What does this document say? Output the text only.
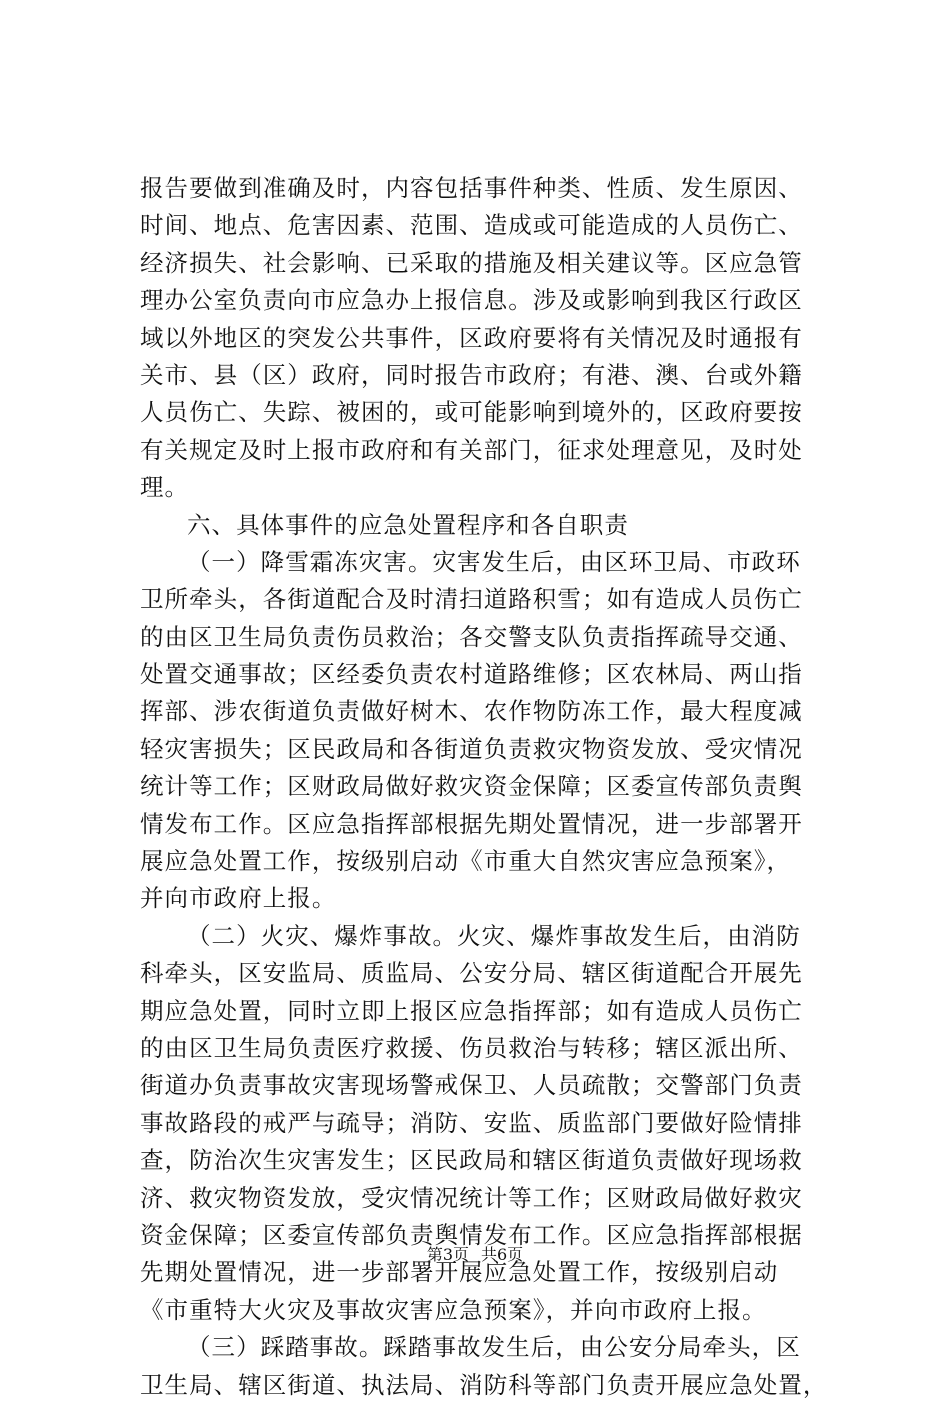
报告要做到准确及时，内容包括事件种类、性质、发生原因、
时间、地点、危害因素、范围、造成或可能造成的人员伤亡、
经济损失、社会影响、已采取的措施及相关建议等。区应急管
理办公室负责向市应急办上报信息。涉及或影响到我区行政区
域以外地区的突发公共事件，区政府要将有关情况及时通报有
关市、县（区）政府，同时报告市政府；有港、澳、台或外籍
人员伤亡、失踪、被困的，或可能影响到境外的，区政府要按
有关规定及时上报市政府和有关部门，征求处理意见，及时处
理。
六、具体事件的应急处置程序和各自职责
（一）降雪霜冻灾害。灾害发生后，由区环卫局、市政环
卫所牵头，各街道配合及时清扫道路积雪；如有造成人员伤亡
的由区卫生局负责伤员救治；各交警支队负责指挥疏导交通、
处置交通事故；区经委负责农村道路维修；区农林局、两山指
挥部、涉农街道负责做好树木、农作物防冻工作，最大程度减
轻灾害损失；区民政局和各街道负责救灾物资发放、受灾情况
统计等工作；区财政局做好救灾资金保障；区委宣传部负责舆
情发布工作。区应急指挥部根据先期处置情况，进一步部署开
展应急处置工作，按级别启动《市重大自然灾害应急预案》，
并向市政府上报。
（二）火灾、爆炸事故。火灾、爆炸事故发生后，由消防
科牵头，区安监局、质监局、公安分局、辖区街道配合开展先
期应急处置，同时立即上报区应急指挥部；如有造成人员伤亡
的由区卫生局负责医疗救援、伤员救治与转移；辖区派出所、
街道办负责事故灾害现场警戒保卫、人员疏散；交警部门负责
事故路段的戒严与疏导；消防、安监、质监部门要做好险情排
查，防治次生灾害发生；区民政局和辖区街道负责做好现场救
济、救灾物资发放，受灾情况统计等工作；区财政局做好救灾
资金保障；区委宣传部负责舆情发布工作。区应急指挥部根据
先期处置情况，进一步部署开展应急处置工作，按级别启动
《市重特大火灾及事故灾害应急预案》，并向市政府上报。
（三）踩踏事故。踩踏事故发生后，由公安分局牵头，区
卫生局、辖区街道、执法局、消防科等部门负责开展应急处置，
第3页 共6页
